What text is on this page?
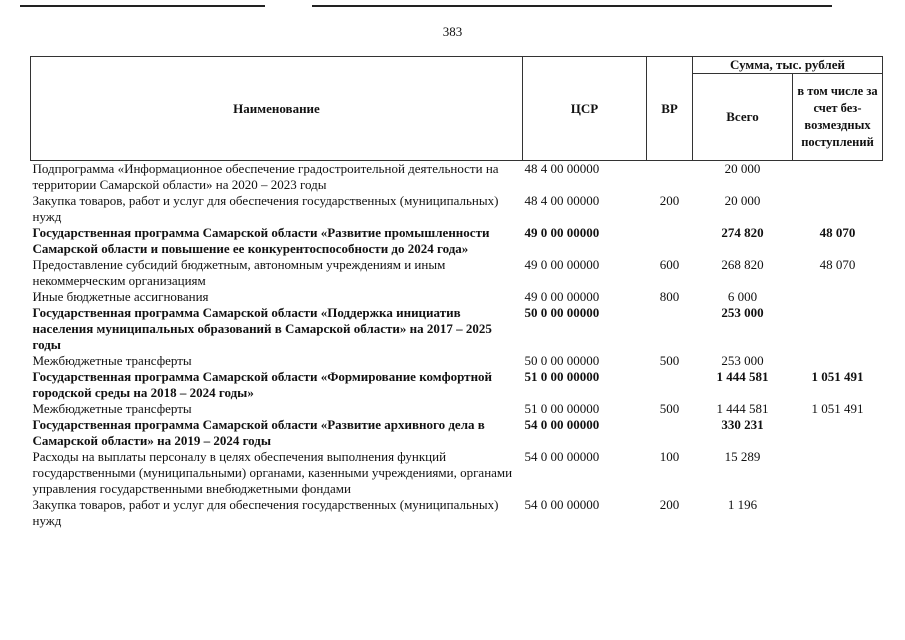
383
Наименование	ЦСР	ВР	Сумма, тыс. рублей	
			Всего	в том числе за счет безвозмездных поступлений
Подпрограмма «Информационное обеспечение градостроительной деятельности на территории Самарской области» на 2020 – 2023 годы	48 4 00 00000		20 000	
Закупка товаров, работ и услуг для обеспечения государственных (муниципальных) нужд	48 4 00 00000	200	20 000	
Государственная программа Самарской области «Развитие промышленности Самарской области и повышение ее конкурентоспособности до 2024 года»	49 0 00 00000		274 820	48 070
Предоставление субсидий бюджетным, автономным учреждениям и иным некоммерческим организациям	49 0 00 00000	600	268 820	48 070
Иные бюджетные ассигнования	49 0 00 00000	800	6 000	
Государственная программа Самарской области «Поддержка инициатив населения муниципальных образований в Самарской области» на 2017 – 2025 годы	50 0 00 00000		253 000	
Межбюджетные трансферты	50 0 00 00000	500	253 000	
Государственная программа Самарской области «Формирование комфортной городской среды на 2018 – 2024 годы»	51 0 00 00000		1 444 581	1 051 491
Межбюджетные трансферты	51 0 00 00000	500	1 444 581	1 051 491
Государственная программа Самарской области «Развитие архивного дела в Самарской области» на 2019 – 2024 годы	54 0 00 00000		330 231	
Расходы на выплаты персоналу в целях обеспечения выполнения функций государственными (муниципальными) органами, казенными учреждениями, органами управления государственными внебюджетными фондами	54 0 00 00000	100	15 289	
Закупка товаров, работ и услуг для обеспечения государственных (муниципальных) нужд	54 0 00 00000	200	1 196	
